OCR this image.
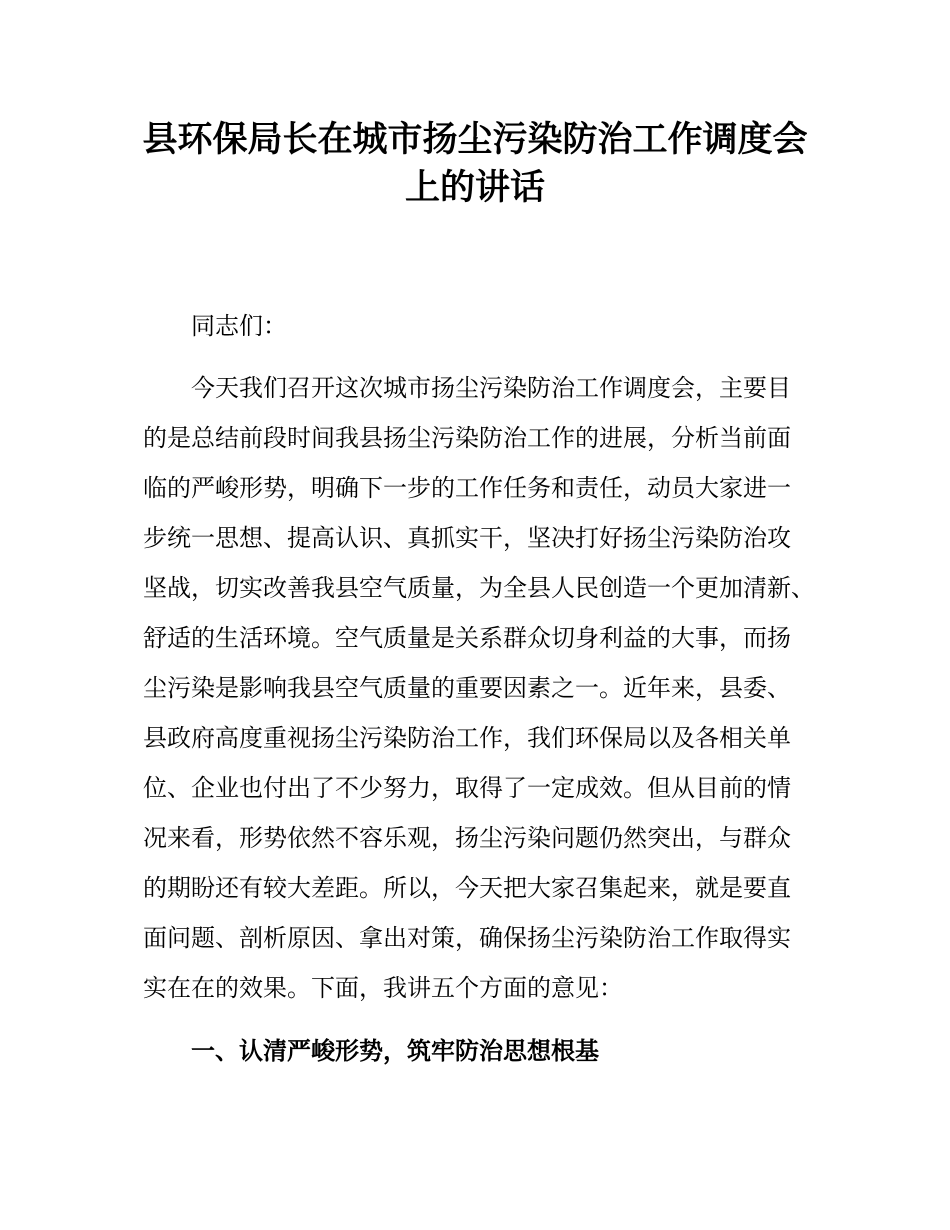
县环保局长在城市扬尘污染防治工作调度会
上的讲话

同志们：

今天我们召开这次城市扬尘污染防治工作调度会，主要目

的是总结前段时间我县扬尘污染防治工作的进展，分析当前面

临的严峻形势，明确下一步的工作任务和责任，动员大家进一

步统一思想、提高认识、真抓实干，坚决打好扬尘污染防治攻

坚战，切实改善我县空气质量，为全县人民创造一个更加清新、

舒适的生活环境。空气质量是关系群众切身利益的大事，而扬

尘污染是影响我县空气质量的重要因素之一。近年来，县委、

县政府高度重视扬尘污染防治工作，我们环保局以及各相关单

位、企业也付出了不少努力，取得了一定成效。但从目前的情

况来看，形势依然不容乐观，扬尘污染问题仍然突出，与群众

的期盼还有较大差距。所以，今天把大家召集起来，就是要直

面问题、剖析原因、拿出对策，确保扬尘污染防治工作取得实

实在在的效果。下面，我讲五个方面的意见：

一、认清严峻形势，筑牢防治思想根基
